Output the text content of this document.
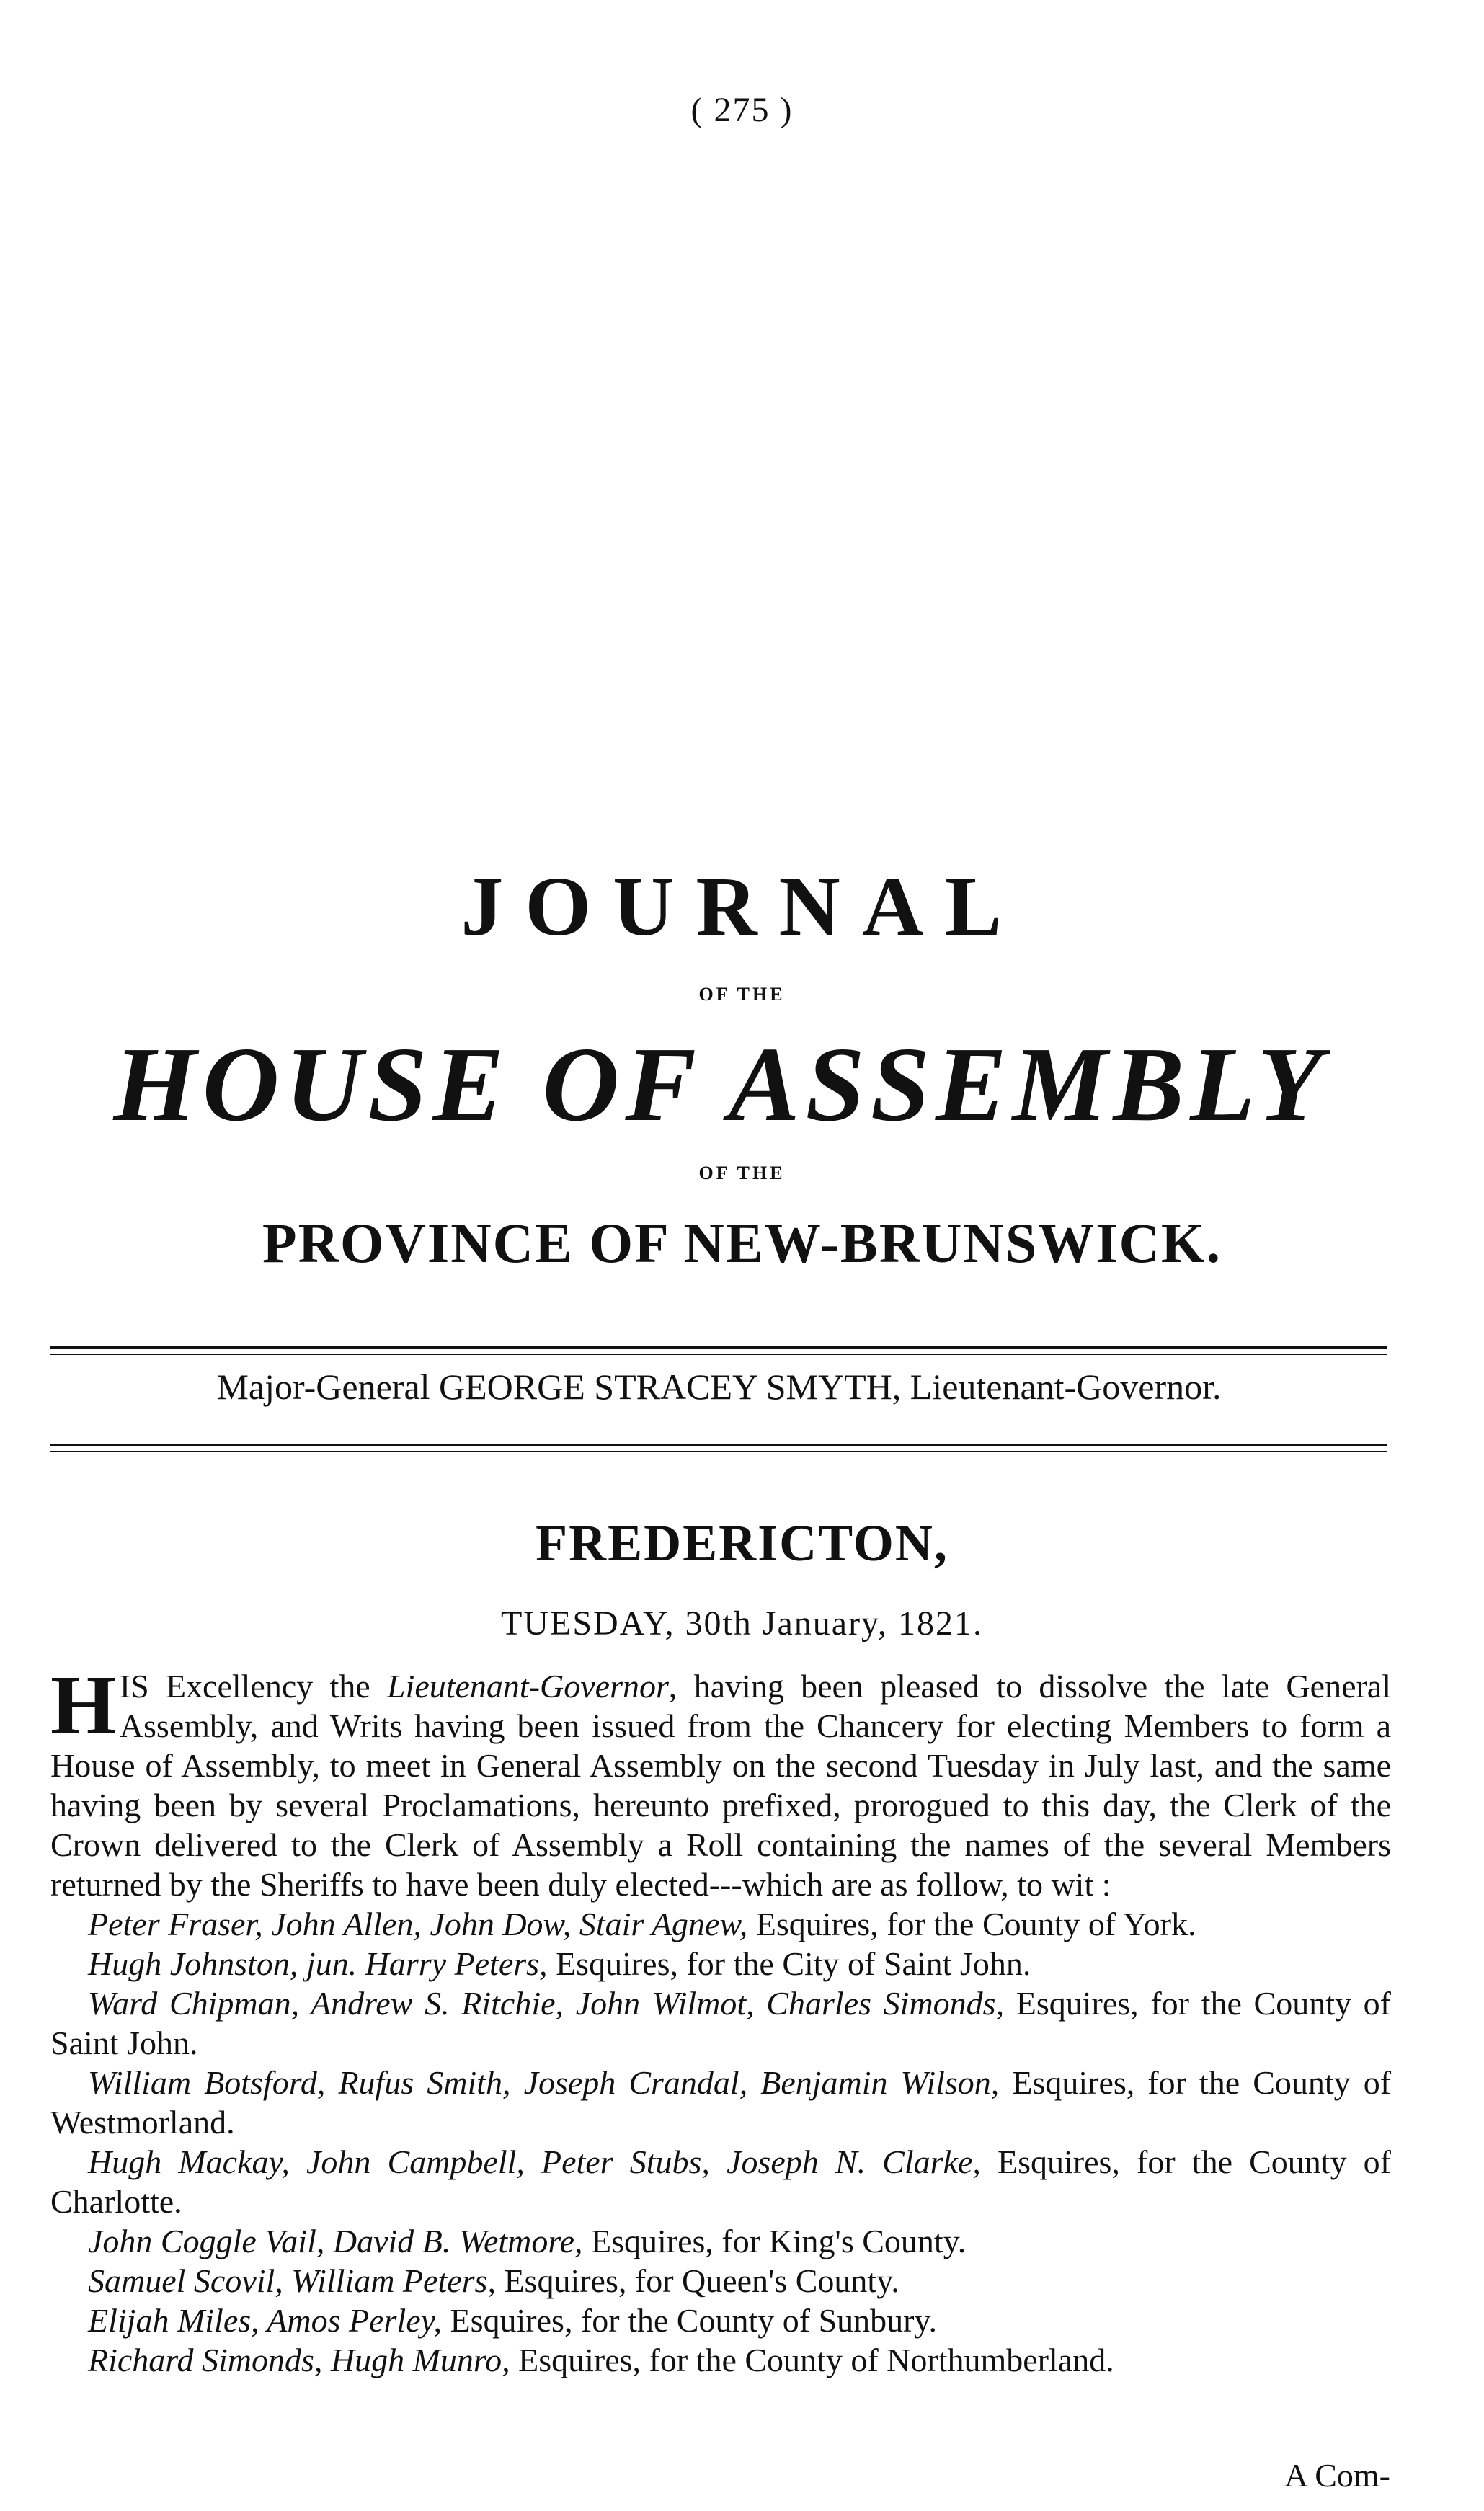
( 275 )
JOURNAL
OF THE
HOUSE OF ASSEMBLY
OF THE
PROVINCE OF NEW-BRUNSWICK.
Major-General GEORGE STRACEY SMYTH, Lieutenant-Governor.
FREDERICTON,
TUESDAY, 30th January, 1821.

HIS Excellency the Lieutenant-Governor, having been pleased to dissolve the late General Assembly, and Writs having been issued from the Chancery for electing Members to form a House of Assembly, to meet in General Assembly on the second Tuesday in July last, and the same having been by several Proclamations, hereunto prefixed, prorogued to this day, the Clerk of the Crown delivered to the Clerk of Assembly a Roll containing the names of the several Members returned by the Sheriffs to have been duly elected---which are as follow, to wit :

Peter Fraser, John Allen, John Dow, Stair Agnew, Esquires, for the County of York.

Hugh Johnston, jun. Harry Peters, Esquires, for the City of Saint John.

Ward Chipman, Andrew S. Ritchie, John Wilmot, Charles Simonds, Esquires, for the County of Saint John.

William Botsford, Rufus Smith, Joseph Crandal, Benjamin Wilson, Esquires, for the County of Westmorland.

Hugh Mackay, John Campbell, Peter Stubs, Joseph N. Clarke, Esquires, for the County of Charlotte.

John Coggle Vail, David B. Wetmore, Esquires, for King's County.

Samuel Scovil, William Peters, Esquires, for Queen's County.

Elijah Miles, Amos Perley, Esquires, for the County of Sunbury.

Richard Simonds, Hugh Munro, Esquires, for the County of Northumberland.

A Com-
